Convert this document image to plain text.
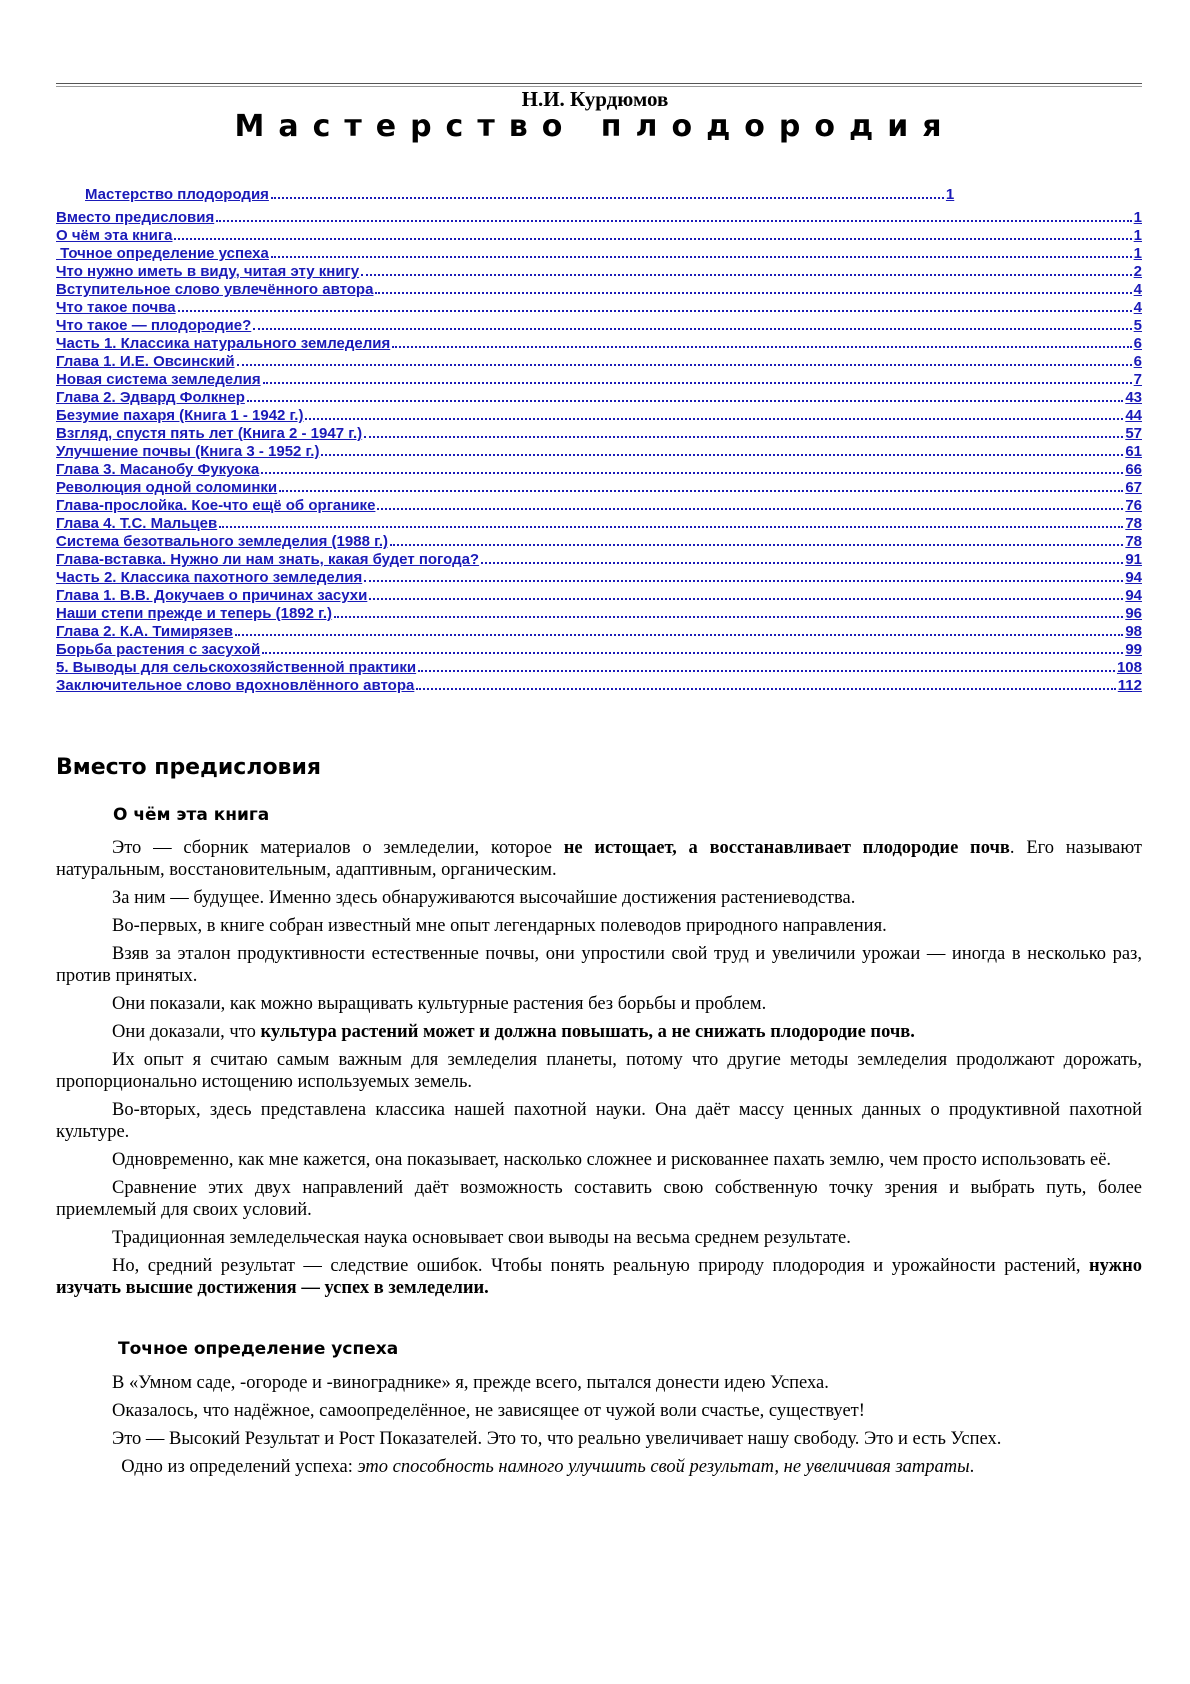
Н.И. Курдюмов
Мастерство плодородия
Мастерство плодородия	1
Вместо предисловия	1
О чём эта книга	1
Точное определение успеха	1
Что нужно иметь в виду, читая эту книгу	2
Вступительное слово увлечённого автора	4
Что такое почва	4
Что такое — плодородие?	5
Часть 1. Классика натурального земледелия	6
Глава 1. И.Е. Овсинский	6
Новая система земледелия	7
Глава 2. Эдвард Фолкнер	43
Безумие пахаря (Книга 1 - 1942 г.)	44
Взгляд, спустя пять лет (Книга 2 - 1947 г.)	57
Улучшение почвы (Книга 3 - 1952 г.)	61
Глава 3. Масанобу Фукуока	66
Революция одной соломинки	67
Глава-прослойка. Кое-что ещё об органике	76
Глава 4. Т.С. Мальцев	78
Система безотвального земледелия (1988 г.)	78
Глава-вставка. Нужно ли нам знать, какая будет погода?	91
Часть 2. Классика пахотного земледелия	94
Глава 1. В.В. Докучаев о причинах засухи	94
Наши степи прежде и теперь (1892 г.)	96
Глава 2. К.А. Тимирязев	98
Борьба растения с засухой	99
5. Выводы для сельскохозяйственной практики	108
Заключительное слово вдохновлённого автора	112
Вместо предисловия
О чём эта книга

Это — сборник материалов о земледелии, которое не истощает, а восстанавливает плодородие почв. Его называют натуральным, восстановительным, адаптивным, органическим.

За ним — будущее. Именно здесь обнаруживаются высочайшие достижения растениеводства.

Во-первых, в книге собран известный мне опыт легендарных полеводов природного направления.

Взяв за эталон продуктивности естественные почвы, они упростили свой труд и увеличили урожаи — иногда в несколько раз, против принятых.

Они показали, как можно выращивать культурные растения без борьбы и проблем.

Они доказали, что культура растений может и должна повышать, а не снижать плодородие почв.

Их опыт я считаю самым важным для земледелия планеты, потому что другие методы земледелия продолжают дорожать, пропорционально истощению используемых земель.

Во-вторых, здесь представлена классика нашей пахотной науки. Она даёт массу ценных данных о продуктивной пахотной культуре.

Одновременно, как мне кажется, она показывает, насколько сложнее и рискованнее пахать землю, чем просто использовать её.

Сравнение этих двух направлений даёт возможность составить свою собственную точку зрения и выбрать путь, более приемлемый для своих условий.

Традиционная земледельческая наука основывает свои выводы на весьма среднем результате.

Но, средний результат — следствие ошибок. Чтобы понять реальную природу плодородия и урожайности растений, нужно изучать высшие достижения — успех в земледелии.

Точное определение успеха

В «Умном саде, -огороде и -винограднике» я, прежде всего, пытался донести идею Успеха.

Оказалось, что надёжное, самоопределённое, не зависящее от чужой воли счастье, существует!

Это — Высокий Результат и Рост Показателей. Это то, что реально увеличивает нашу свободу. Это и есть Успех.

Одно из определений успеха: это способность намного улучшить свой результат, не увеличивая затраты.
